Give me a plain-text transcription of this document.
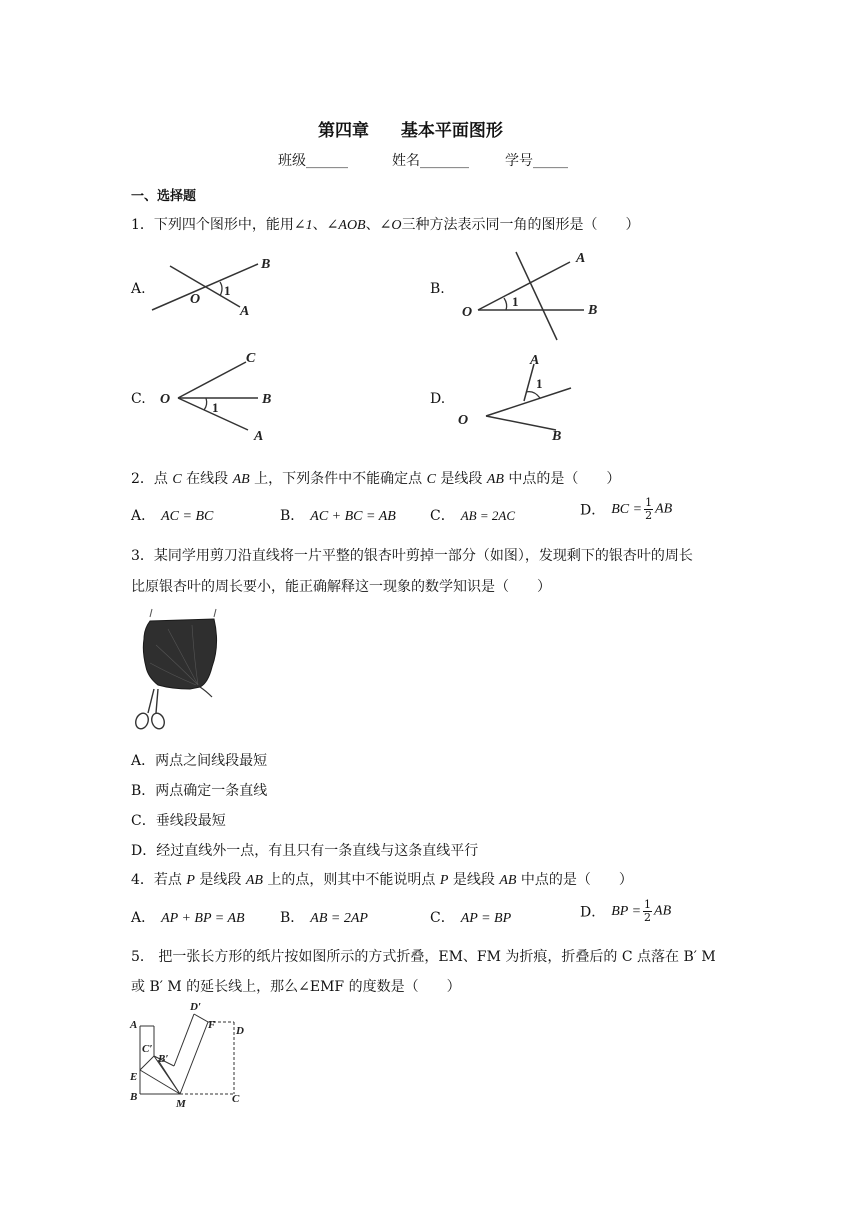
第四章 基本平面图形
班级______	姓名_______	学号_____
一、选择题
1．下列四个图形中，能用∠1、∠AOB、∠O三种方法表示同一角的图形是（　　）
A.	B.
C.	D.
B
O
1
A
A
O
1
B
C
O	B
1
A
A
1
O
B
2．点 C 在线段 AB 上，下列条件中不能确定点 C 是线段 AB 中点的是（　　）
A． AC = BC	B． AC + BC = AB C． AB = 2AC	D． BC = $\frac{1}{2}$ AB
3．某同学用剪刀沿直线将一片平整的银杏叶剪掉一部分（如图），发现剩下的银杏叶的周长
比原银杏叶的周长要小，能正确解释这一现象的数学知识是（　　）
A．两点之间线段最短
B．两点确定一条直线
C．垂线段最短
D．经过直线外一点，有且只有一条直线与这条直线平行
4．若点 P 是线段 AB 上的点，则其中不能说明点 P 是线段 AB 中点的是（　　）
A． AP + BP = AB	B． AB = 2AP	C． AP = BP	D． BP = $\frac{1}{2}$ AB
5． 把一张长方形的纸片按如图所示的方式折叠，EM、FM 为折痕，折叠后的 C 点落在 B′ M
或 B′ M 的延长线上，那么∠EMF 的度数是（　　）
A
D′
F D
C′
B′
E
B
M	C
